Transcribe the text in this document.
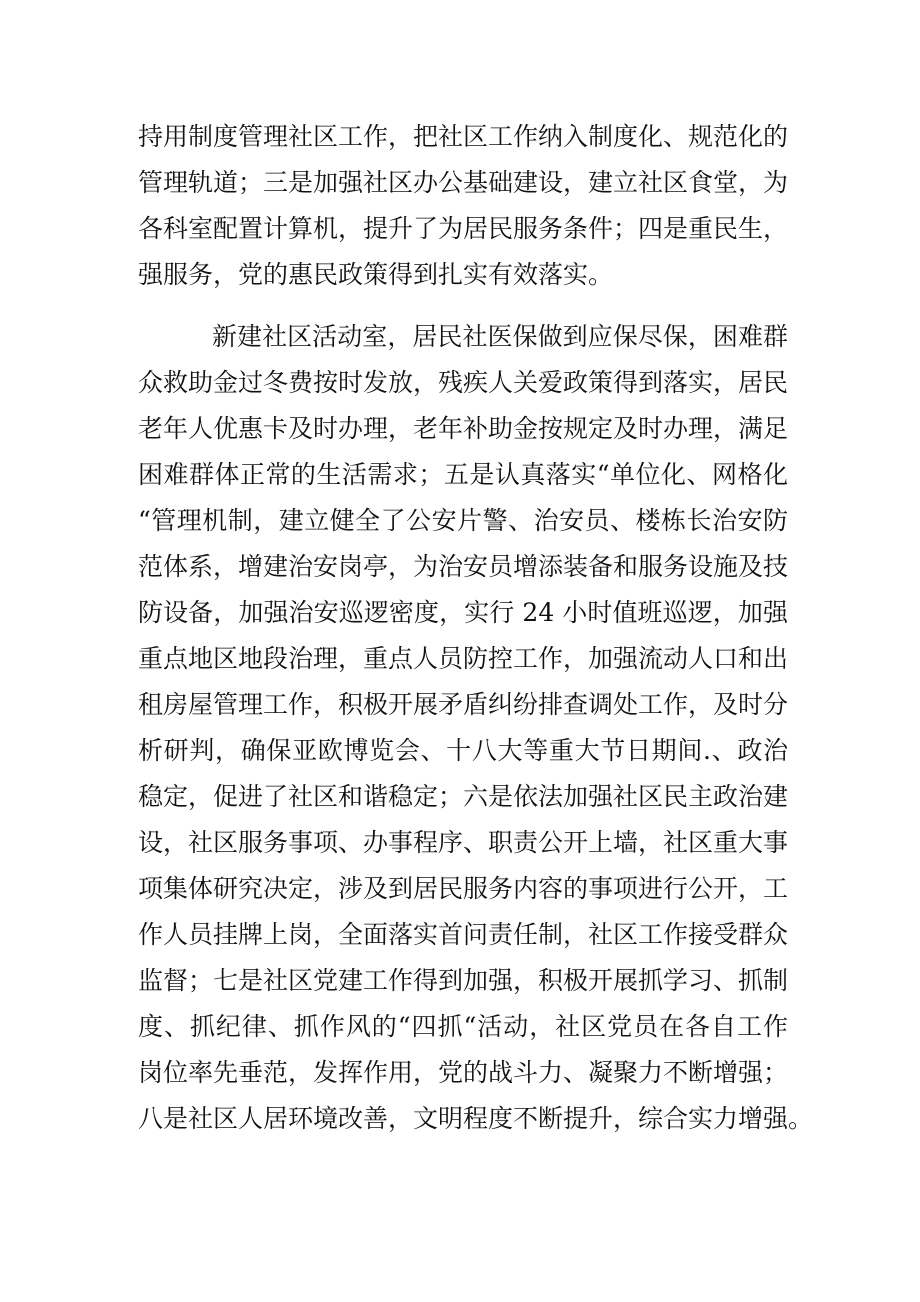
持用制度管理社区工作，把社区工作纳入制度化、规范化的
管理轨道；三是加强社区办公基础建设，建立社区食堂，为
各科室配置计算机，提升了为居民服务条件；四是重民生，
强服务，党的惠民政策得到扎实有效落实。
新建社区活动室，居民社医保做到应保尽保，困难群
众救助金过冬费按时发放，残疾人关爱政策得到落实，居民
老年人优惠卡及时办理，老年补助金按规定及时办理，满足
困难群体正常的生活需求；五是认真落实“单位化、网格化
“管理机制，建立健全了公安片警、治安员、楼栋长治安防
范体系，增建治安岗亭，为治安员增添装备和服务设施及技
防设备，加强治安巡逻密度，实行 24 小时值班巡逻，加强
重点地区地段治理，重点人员防控工作，加强流动人口和出
租房屋管理工作，积极开展矛盾纠纷排查调处工作，及时分
析研判，确保亚欧博览会、十八大等重大节日期间.、政治
稳定，促进了社区和谐稳定；六是依法加强社区民主政治建
设，社区服务事项、办事程序、职责公开上墙，社区重大事
项集体研究决定，涉及到居民服务内容的事项进行公开，工
作人员挂牌上岗，全面落实首问责任制，社区工作接受群众
监督；七是社区党建工作得到加强，积极开展抓学习、抓制
度、抓纪律、抓作风的“四抓“活动，社区党员在各自工作
岗位率先垂范，发挥作用，党的战斗力、凝聚力不断增强；
八是社区人居环境改善，文明程度不断提升，综合实力增强。
